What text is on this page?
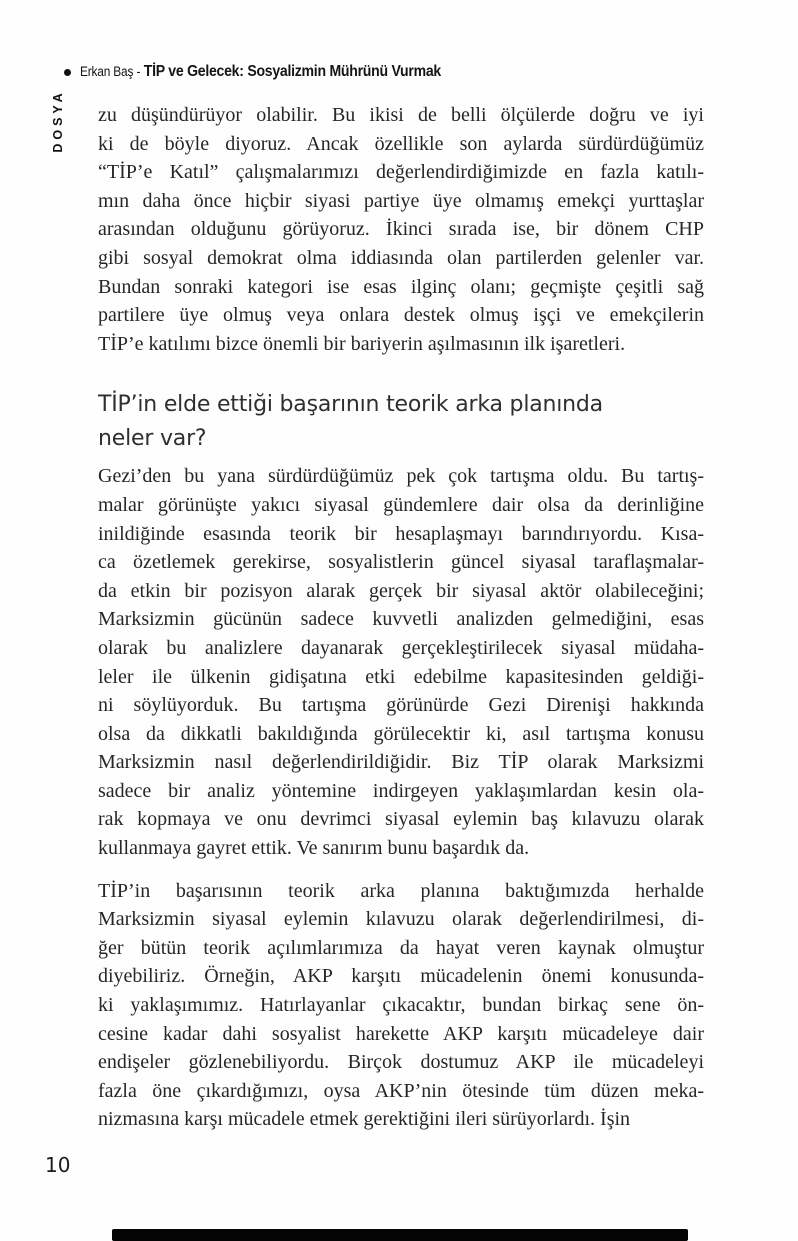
Erkan Baş - TİP ve Gelecek: Sosyalizmin Mührünü Vurmak
DOSYA zu düşündürüyor olabilir. Bu ikisi de belli ölçülerde doğru ve iyi
ki de böyle diyoruz. Ancak özellikle son aylarda sürdürdüğümüz
“TİP’e Katıl” çalışmalarımızı değerlendirdiğimizde en fazla katılı-
mın daha önce hiçbir siyasi partiye üye olmamış emekçi yurttaşlar
arasından olduğunu görüyoruz. İkinci sırada ise, bir dönem CHP
gibi sosyal demokrat olma iddiasında olan partilerden gelenler var.
Bundan sonraki kategori ise esas ilginç olanı; geçmişte çeşitli sağ
partilere üye olmuş veya onlara destek olmuş işçi ve emekçilerin
TİP’e katılımı bizce önemli bir bariyerin aşılmasının ilk işaretleri.
TİP’in elde ettiği başarının teorik arka planında
neler var?
Gezi’den bu yana sürdürdüğümüz pek çok tartışma oldu. Bu tartış-
malar görünüşte yakıcı siyasal gündemlere dair olsa da derinliğine
inildiğinde esasında teorik bir hesaplaşmayı barındırıyordu. Kısa-
ca özetlemek gerekirse, sosyalistlerin güncel siyasal taraflaşmalar-
da etkin bir pozisyon alarak gerçek bir siyasal aktör olabileceğini;
Marksizmin gücünün sadece kuvvetli analizden gelmediğini, esas
olarak bu analizlere dayanarak gerçekleştirilecek siyasal müdaha-
leler ile ülkenin gidişatına etki edebilme kapasitesinden geldiği-
ni söylüyorduk. Bu tartışma görünürde Gezi Direnişi hakkında
olsa da dikkatli bakıldığında görülecektir ki, asıl tartışma konusu
Marksizmin nasıl değerlendirildiğidir. Biz TİP olarak Marksizmi
sadece bir analiz yöntemine indirgeyen yaklaşımlardan kesin ola-
rak kopmaya ve onu devrimci siyasal eylemin baş kılavuzu olarak
kullanmaya gayret ettik. Ve sanırım bunu başardık da.
TİP’in başarısının teorik arka planına baktığımızda herhalde
Marksizmin siyasal eylemin kılavuzu olarak değerlendirilmesi, di-
ğer bütün teorik açılımlarımıza da hayat veren kaynak olmuştur
diyebiliriz. Örneğin, AKP karşıtı mücadelenin önemi konusunda-
ki yaklaşımımız. Hatırlayanlar çıkacaktır, bundan birkaç sene ön-
cesine kadar dahi sosyalist harekette AKP karşıtı mücadeleye dair
endişeler gözlenebiliyordu. Birçok dostumuz AKP ile mücadeleyi
fazla öne çıkardığımızı, oysa AKP’nin ötesinde tüm düzen meka-
nizmasına karşı mücadele etmek gerektiğini ileri sürüyorlardı. İşin
10
